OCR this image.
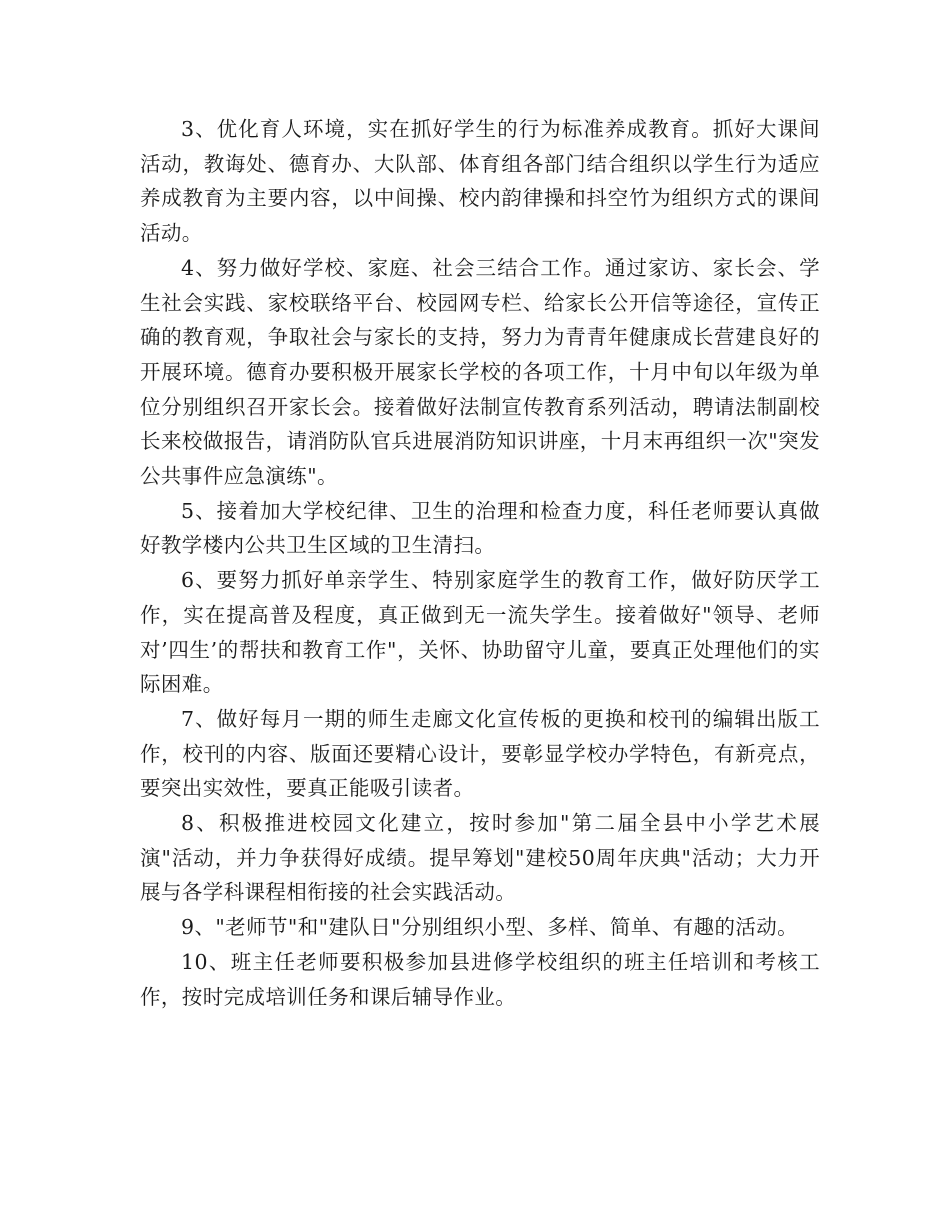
3、优化育人环境，实在抓好学生的行为标准养成教育。抓好大课间活动，教诲处、德育办、大队部、体育组各部门结合组织以学生行为适应养成教育为主要内容，以中间操、校内韵律操和抖空竹为组织方式的课间活动。

4、努力做好学校、家庭、社会三结合工作。通过家访、家长会、学生社会实践、家校联络平台、校园网专栏、给家长公开信等途径，宣传正确的教育观，争取社会与家长的支持，努力为青青年健康成长营建良好的开展环境。德育办要积极开展家长学校的各项工作，十月中旬以年级为单位分别组织召开家长会。接着做好法制宣传教育系列活动，聘请法制副校长来校做报告，请消防队官兵进展消防知识讲座，十月末再组织一次"突发公共事件应急演练"。

5、接着加大学校纪律、卫生的治理和检查力度，科任老师要认真做好教学楼内公共卫生区域的卫生清扫。

6、要努力抓好单亲学生、特别家庭学生的教育工作，做好防厌学工作，实在提高普及程度，真正做到无一流失学生。接着做好"领导、老师对’四生’的帮扶和教育工作"，关怀、协助留守儿童，要真正处理他们的实际困难。

7、做好每月一期的师生走廊文化宣传板的更换和校刊的编辑出版工作，校刊的内容、版面还要精心设计，要彰显学校办学特色，有新亮点，要突出实效性，要真正能吸引读者。

8、积极推进校园文化建立，按时参加"第二届全县中小学艺术展演"活动，并力争获得好成绩。提早筹划"建校50周年庆典"活动；大力开展与各学科课程相衔接的社会实践活动。

9、"老师节"和"建队日"分别组织小型、多样、简单、有趣的活动。

10、班主任老师要积极参加县进修学校组织的班主任培训和考核工作，按时完成培训任务和课后辅导作业。
